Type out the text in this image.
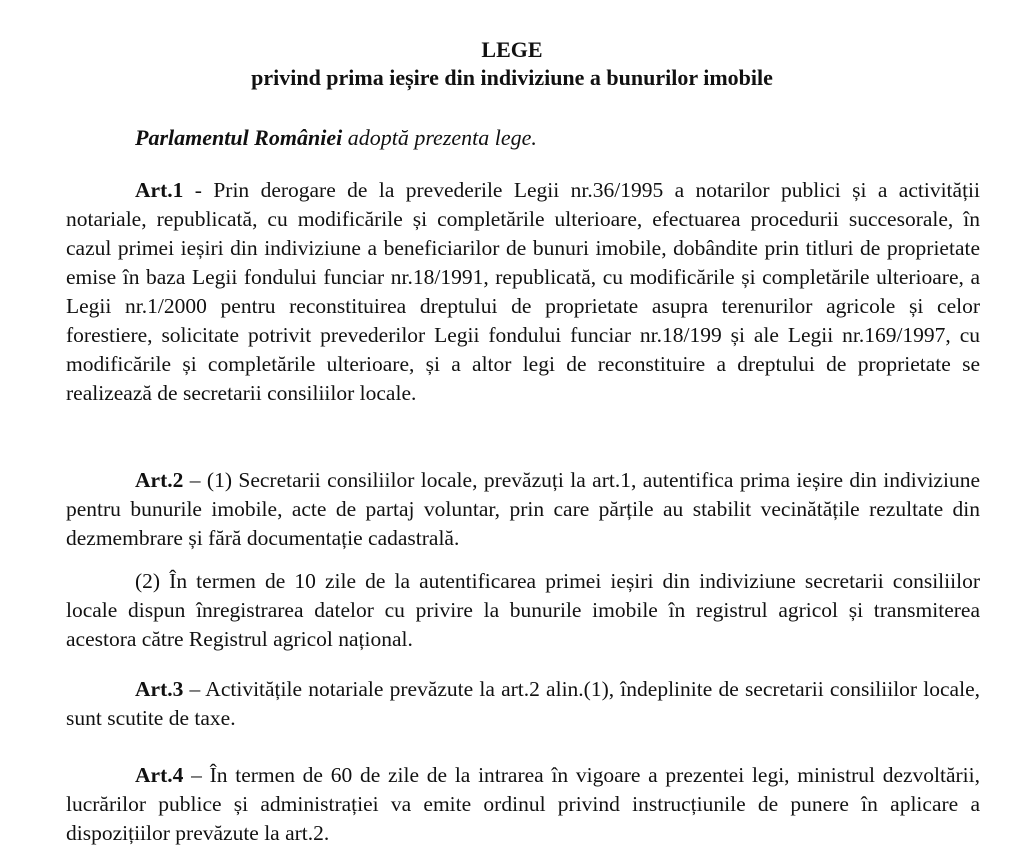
LEGE

privind prima ieșire din indiviziune a bunurilor imobile

Parlamentul României adoptă prezenta lege.

Art.1 - Prin derogare de la prevederile Legii nr.36/1995 a notarilor publici și a activității notariale, republicată, cu modificările și completările ulterioare, efectuarea procedurii succesorale, în cazul primei ieșiri din indiviziune a beneficiarilor de bunuri imobile, dobândite prin titluri de proprietate emise în baza Legii fondului funciar nr.18/1991, republicată, cu modificările și completările ulterioare, a Legii nr.1/2000 pentru reconstituirea dreptului de proprietate asupra terenurilor agricole și celor forestiere, solicitate potrivit prevederilor Legii fondului funciar nr.18/199 și ale Legii nr.169/1997, cu modificările și completările ulterioare, și a altor legi de reconstituire a dreptului de proprietate se realizează de secretarii consiliilor locale.

Art.2 – (1) Secretarii consiliilor locale, prevăzuți la art.1, autentifica prima ieșire din indiviziune pentru bunurile imobile, acte de partaj voluntar, prin care părțile au stabilit vecinătățile rezultate din dezmembrare și fără documentație cadastrală.

(2) În termen de 10 zile de la autentificarea primei ieșiri din indiviziune secretarii consiliilor locale dispun înregistrarea datelor cu privire la bunurile imobile în registrul agricol și transmiterea acestora către Registrul agricol național.

Art.3 – Activitățile notariale prevăzute la art.2 alin.(1), îndeplinite de secretarii consiliilor locale, sunt scutite de taxe.

Art.4 – În termen de 60 de zile de la intrarea în vigoare a prezentei legi, ministrul dezvoltării, lucrărilor publice și administrației va emite ordinul privind instrucțiunile de punere în aplicare a dispozițiilor prevăzute la art.2.
